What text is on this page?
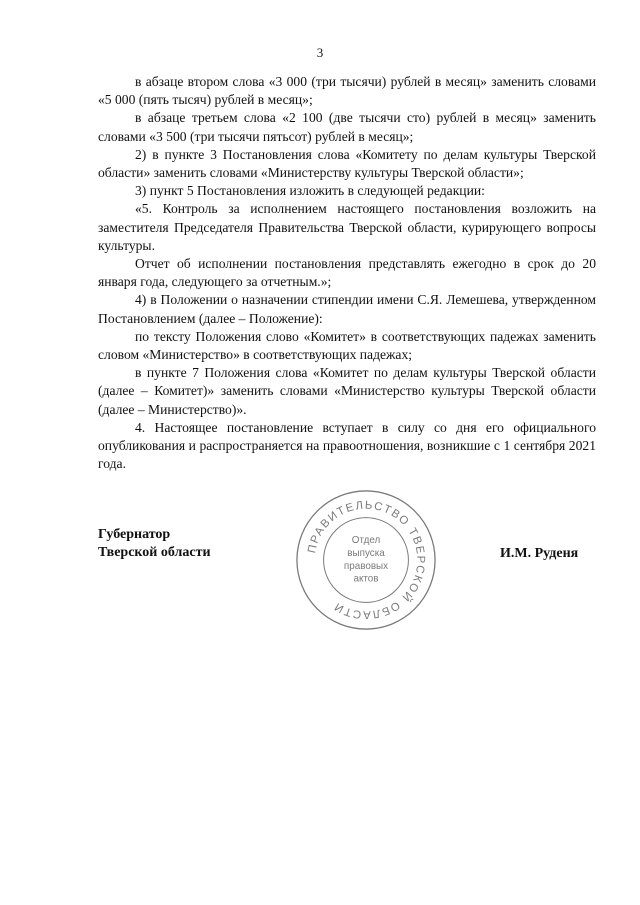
3

в абзаце втором слова «3 000 (три тысячи) рублей в месяц» заменить словами «5 000 (пять тысяч) рублей в месяц»;

в абзаце третьем слова «2 100 (две тысячи сто) рублей в месяц» заменить словами «3 500 (три тысячи пятьсот) рублей в месяц»;

2) в пункте 3 Постановления слова «Комитету по делам культуры Тверской области» заменить словами «Министерству культуры Тверской области»;

3) пункт 5 Постановления изложить в следующей редакции:

«5. Контроль за исполнением настоящего постановления возложить на заместителя Председателя Правительства Тверской области, курирующего вопросы культуры.

Отчет об исполнении постановления представлять ежегодно в срок до 20 января года, следующего за отчетным.»;

4) в Положении о назначении стипендии имени С.Я. Лемешева, утвержденном Постановлением (далее – Положение):

по тексту Положения слово «Комитет» в соответствующих падежах заменить словом «Министерство» в соответствующих падежах;

в пункте 7 Положения слова «Комитет по делам культуры Тверской области (далее – Комитет)» заменить словами «Министерство культуры Тверской области (далее – Министерство)».

4. Настоящее постановление вступает в силу со дня его официального опубликования и распространяется на правоотношения, возникшие с 1 сентября 2021 года.

Губернатор
Тверской области	ПРАВИТЕЛЬСТВО ТВЕРСКОЙ ОБЛАСТИ
Отдел
выпуска
правовых
актов
И.М. Руденя
